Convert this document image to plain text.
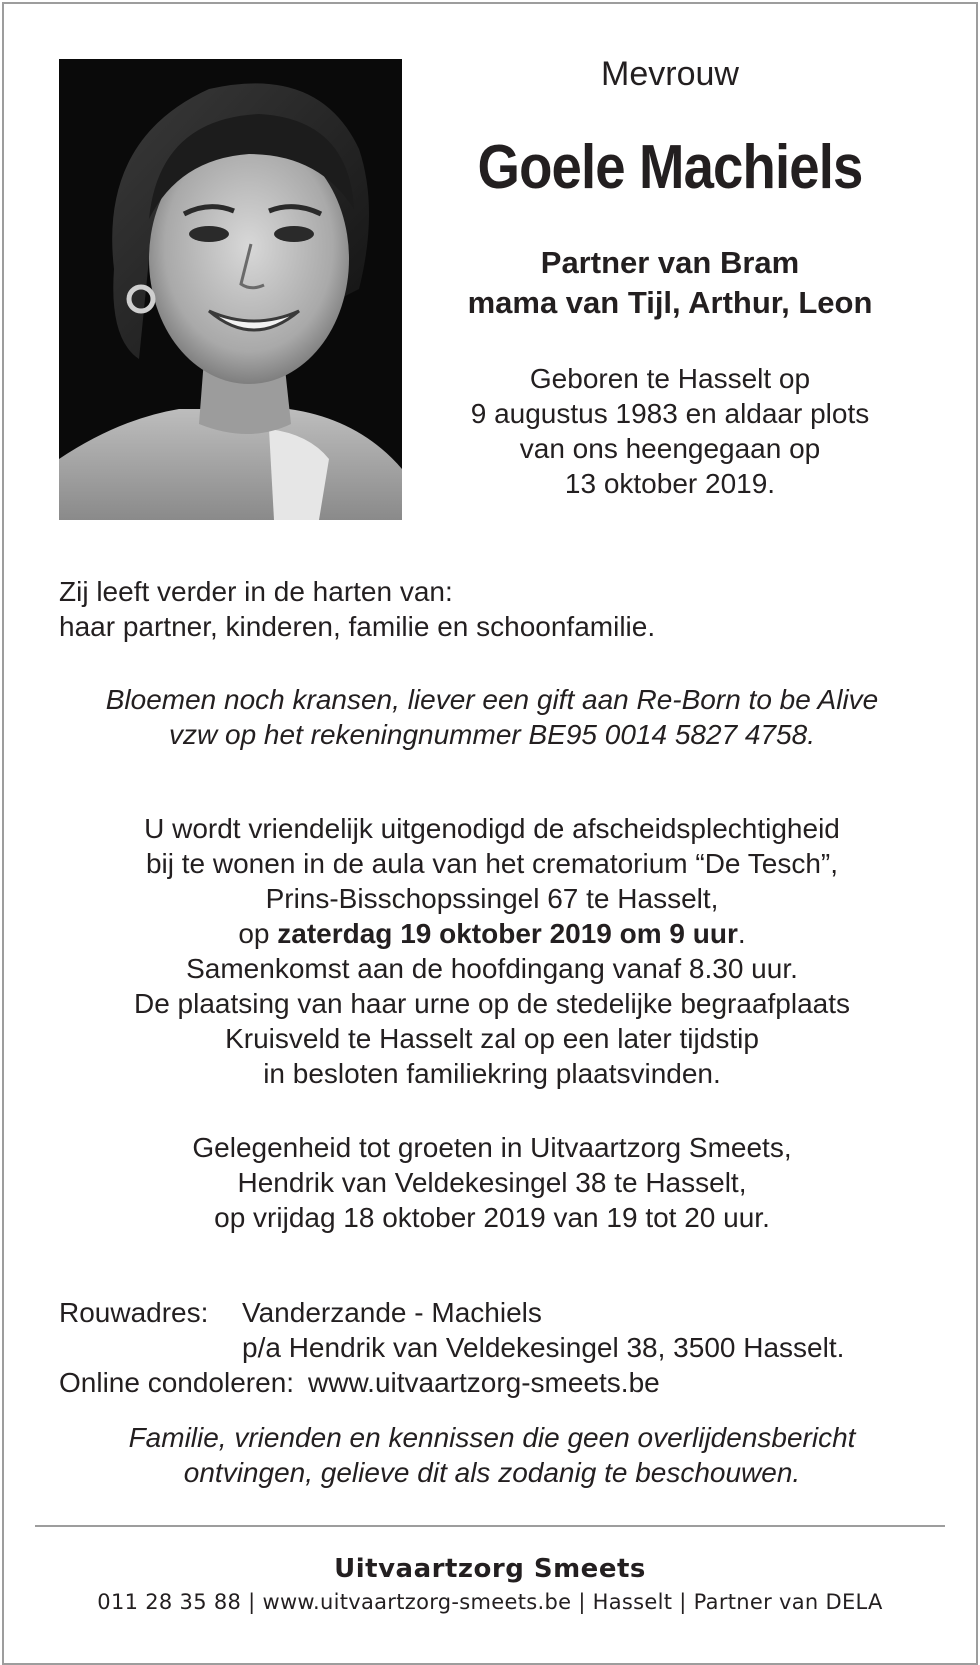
Mevrouw
Goele Machiels
Partner van Bram
mama van Tijl, Arthur, Leon
Geboren te Hasselt op
9 augustus 1983 en aldaar plots
van ons heengegaan op
13 oktober 2019.
Zij leeft verder in de harten van:
haar partner, kinderen, familie en schoonfamilie.
Bloemen noch kransen, liever een gift aan Re-Born to be Alive
vzw op het rekeningnummer BE95 0014 5827 4758.
U wordt vriendelijk uitgenodigd de afscheidsplechtigheid
bij te wonen in de aula van het crematorium “De Tesch”,
Prins-Bisschopssingel 67 te Hasselt,
op zaterdag 19 oktober 2019 om 9 uur.
Samenkomst aan de hoofdingang vanaf 8.30 uur.
De plaatsing van haar urne op de stedelijke begraafplaats
Kruisveld te Hasselt zal op een later tijdstip
in besloten familiekring plaatsvinden.
Gelegenheid tot groeten in Uitvaartzorg Smeets,
Hendrik van Veldekesingel 38 te Hasselt,
op vrijdag 18 oktober 2019 van 19 tot 20 uur.
Rouwadres:	Vanderzande - Machiels
p/a Hendrik van Veldekesingel 38, 3500 Hasselt.
Online condoleren: www.uitvaartzorg-smeets.be
Familie, vrienden en kennissen die geen overlijdensbericht
ontvingen, gelieve dit als zodanig te beschouwen.
Uitvaartzorg Smeets
011 28 35 88 | www.uitvaartzorg-smeets.be | Hasselt | Partner van DELA
